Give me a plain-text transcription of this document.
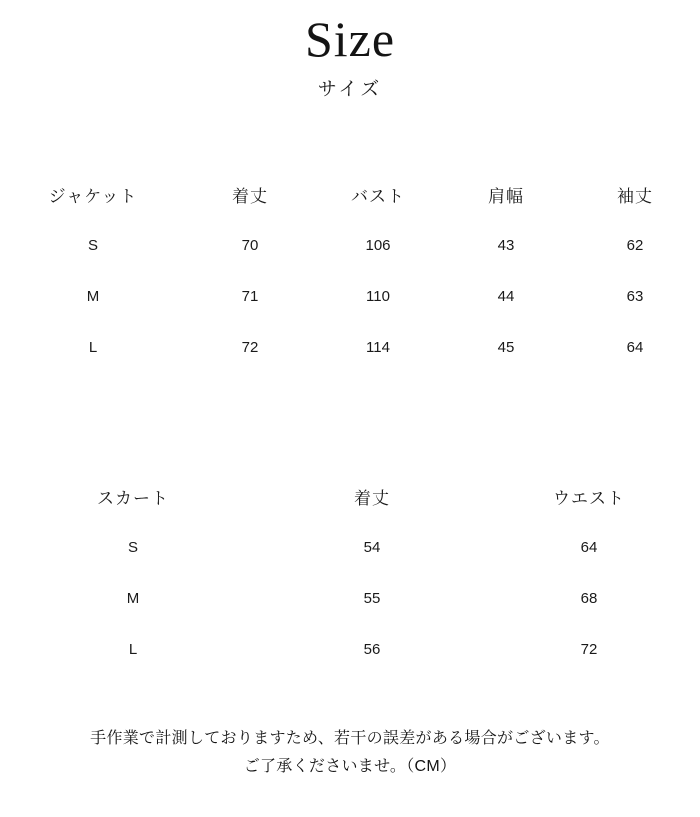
Size
サイズ
ジャケット	着丈	バスト	肩幅	袖丈
S	70	106	43	62
M	71	110	44	63
L	72	114	45	64
スカート	着丈	ウエスト
S	54	64
M	55	68
L	56	72
手作業で計測しておりますため、若干の誤差がある場合がございます。
ご了承くださいませ。（CM）
